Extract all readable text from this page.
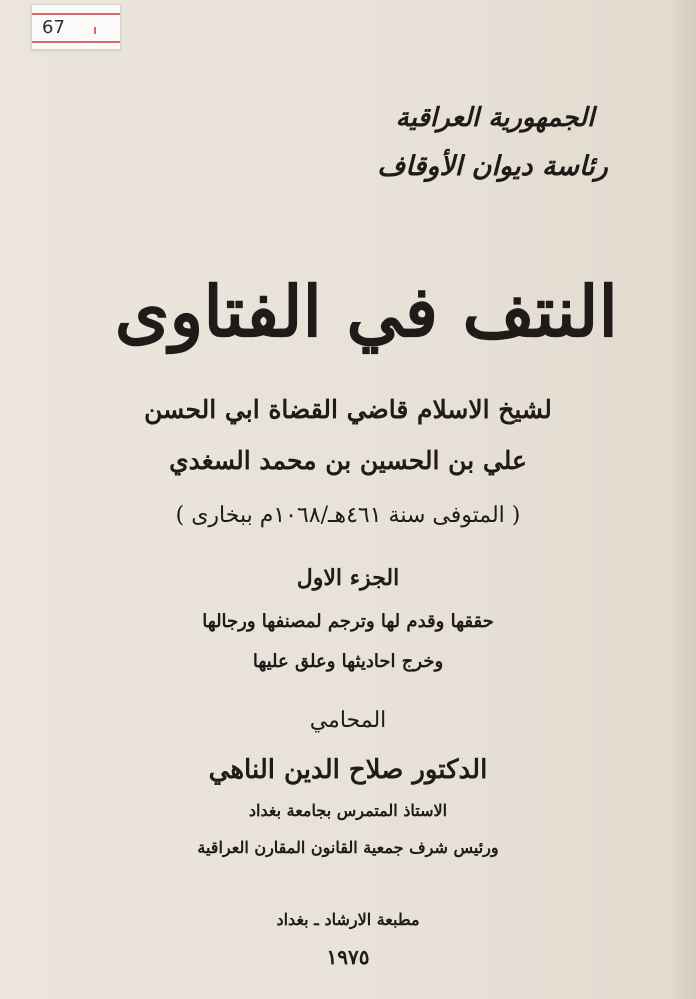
67
الجمهورية العراقية
رئاسة ديوان الأوقاف
النتف في الفتاوى
لشيخ الاسلام قاضي القضاة ابي الحسن
علي بن الحسين بن محمد السغدي
( المتوفى سنة ٤٦١هـ/١٠٦٨م ببخارى )
الجزء الاول
حققها وقدم لها وترجم لمصنفها ورجالها
وخرج احاديثها وعلق عليها
المحامي
الدكتور صلاح الدين الناهي
الاستاذ المتمرس بجامعة بغداد
ورئيس شرف جمعية القانون المقارن العراقية
مطبعة الارشاد ـ بغداد
١٩٧٥
